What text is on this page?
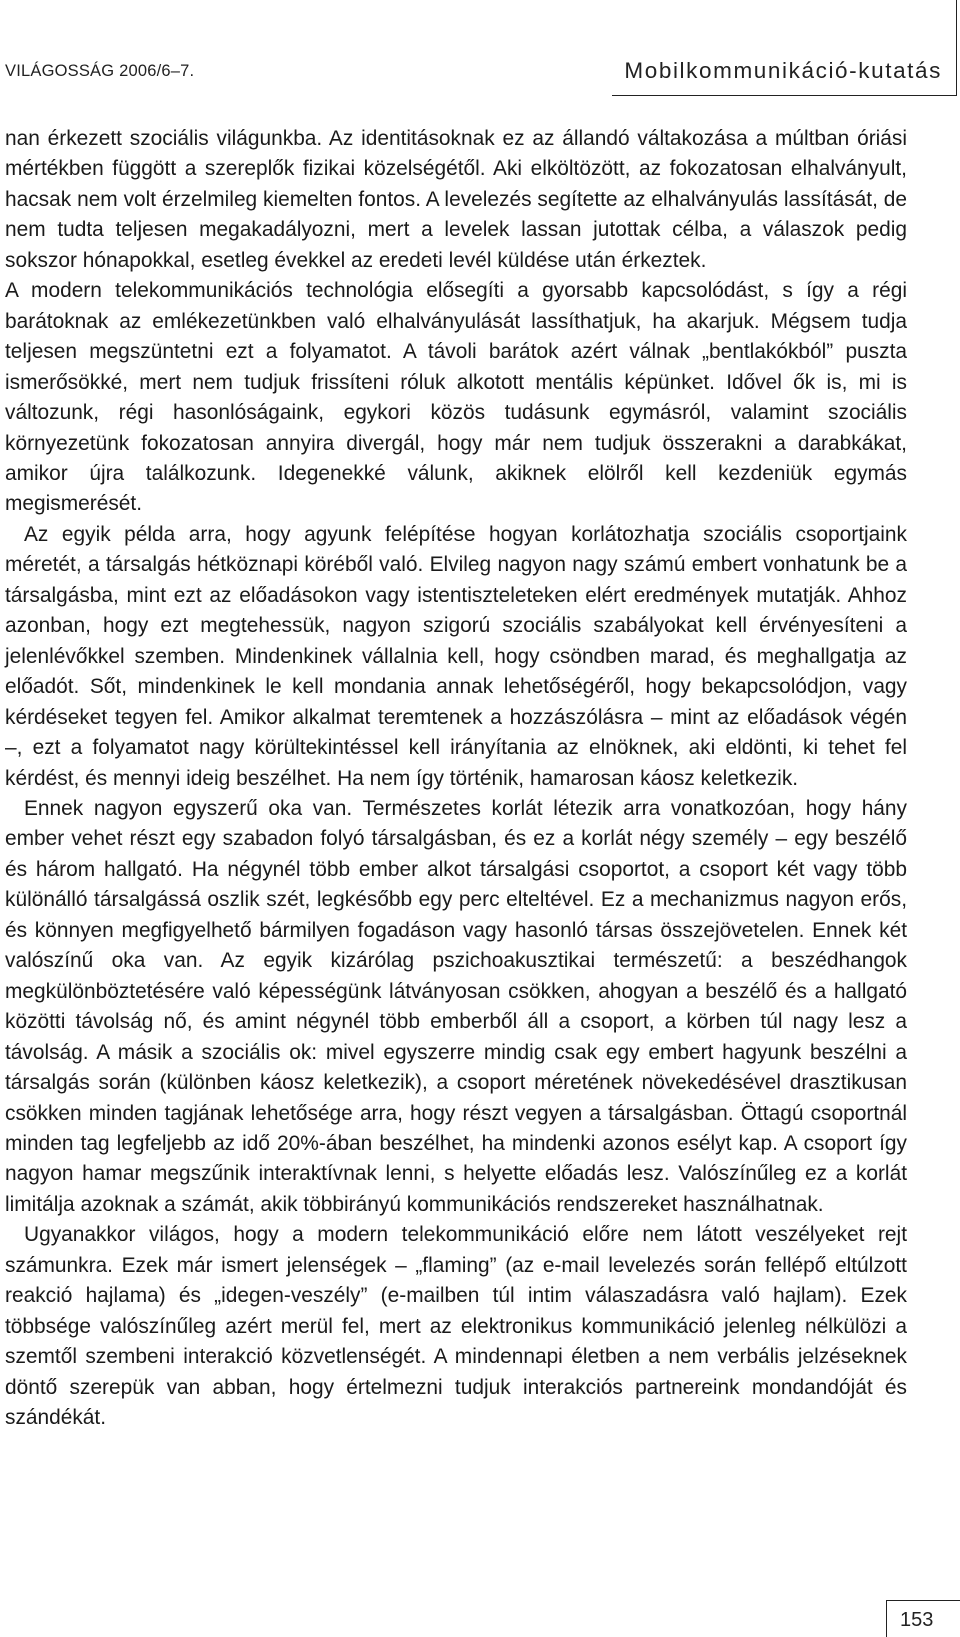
VILÁGOSSÁG 2006/6–7.	Mobilkommunikáció-kutatás

nan érkezett szociális világunkba. Az identitásoknak ez az állandó váltakozása a múltban óriási mértékben függött a szereplők fizikai közelségétől. Aki elköltözött, az fokozatosan elhalványult, hacsak nem volt érzelmileg kiemelten fontos. A levelezés segítette az elhalványulás lassítását, de nem tudta teljesen megakadályozni, mert a levelek lassan jutottak célba, a válaszok pedig sokszor hónapokkal, esetleg évekkel az eredeti levél küldése után érkeztek.

A modern telekommunikációs technológia elősegíti a gyorsabb kapcsolódást, s így a régi barátoknak az emlékezetünkben való elhalványulását lassíthatjuk, ha akarjuk. Mégsem tudja teljesen megszüntetni ezt a folyamatot. A távoli barátok azért válnak „bentlakókból” puszta ismerősökké, mert nem tudjuk frissíteni róluk alkotott mentális képünket. Idővel ők is, mi is változunk, régi hasonlóságaink, egykori közös tudásunk egymásról, valamint szociális környezetünk fokozatosan annyira divergál, hogy már nem tudjuk összerakni a darabkákat, amikor újra találkozunk. Idegenekké válunk, akiknek elölről kell kezdeniük egymás megismerését.

Az egyik példa arra, hogy agyunk felépítése hogyan korlátozhatja szociális csoportjaink méretét, a társalgás hétköznapi köréből való. Elvileg nagyon nagy számú embert vonhatunk be a társalgásba, mint ezt az előadásokon vagy istentiszteleteken elért eredmények mutatják. Ahhoz azonban, hogy ezt megtehessük, nagyon szigorú szociális szabályokat kell érvényesíteni a jelenlévőkkel szemben. Mindenkinek vállalnia kell, hogy csöndben marad, és meghallgatja az előadót. Sőt, mindenkinek le kell mondania annak lehetőségéről, hogy bekapcsolódjon, vagy kérdéseket tegyen fel. Amikor alkalmat teremtenek a hozzászólásra – mint az előadások végén –, ezt a folyamatot nagy körültekintéssel kell irányítania az elnöknek, aki eldönti, ki tehet fel kérdést, és mennyi ideig beszélhet. Ha nem így történik, hamarosan káosz keletkezik.

Ennek nagyon egyszerű oka van. Természetes korlát létezik arra vonatkozóan, hogy hány ember vehet részt egy szabadon folyó társalgásban, és ez a korlát négy személy – egy beszélő és három hallgató. Ha négynél több ember alkot társalgási csoportot, a csoport két vagy több különálló társalgássá oszlik szét, legkésőbb egy perc elteltével. Ez a mechanizmus nagyon erős, és könnyen megfigyelhető bármilyen fogadáson vagy hasonló társas összejövetelen. Ennek két valószínű oka van. Az egyik kizárólag pszichoakusztikai természetű: a beszédhangok megkülönböztetésére való képességünk látványosan csökken, ahogyan a beszélő és a hallgató közötti távolság nő, és amint négynél több emberből áll a csoport, a körben túl nagy lesz a távolság. A másik a szociális ok: mivel egyszerre mindig csak egy embert hagyunk beszélni a társalgás során (különben káosz keletkezik), a csoport méretének növekedésével drasztikusan csökken minden tagjának lehetősége arra, hogy részt vegyen a társalgásban. Öttagú csoportnál minden tag legfeljebb az idő 20%-ában beszélhet, ha mindenki azonos esélyt kap. A csoport így nagyon hamar megszűnik interaktívnak lenni, s helyette előadás lesz. Valószínűleg ez a korlát limitálja azoknak a számát, akik többirányú kommunikációs rendszereket használhatnak.

Ugyanakkor világos, hogy a modern telekommunikáció előre nem látott veszélyeket rejt számunkra. Ezek már ismert jelenségek – „flaming” (az e-mail levelezés során fellépő eltúlzott reakció hajlama) és „idegen-veszély” (e-mailben túl intim válaszadásra való hajlam). Ezek többsége valószínűleg azért merül fel, mert az elektronikus kommunikáció jelenleg nélkülözi a szemtől szembeni interakció közvetlenségét. A mindennapi életben a nem verbális jelzéseknek döntő szerepük van abban, hogy értelmezni tudjuk interakciós partnereink mondandóját és szándékát.

153
